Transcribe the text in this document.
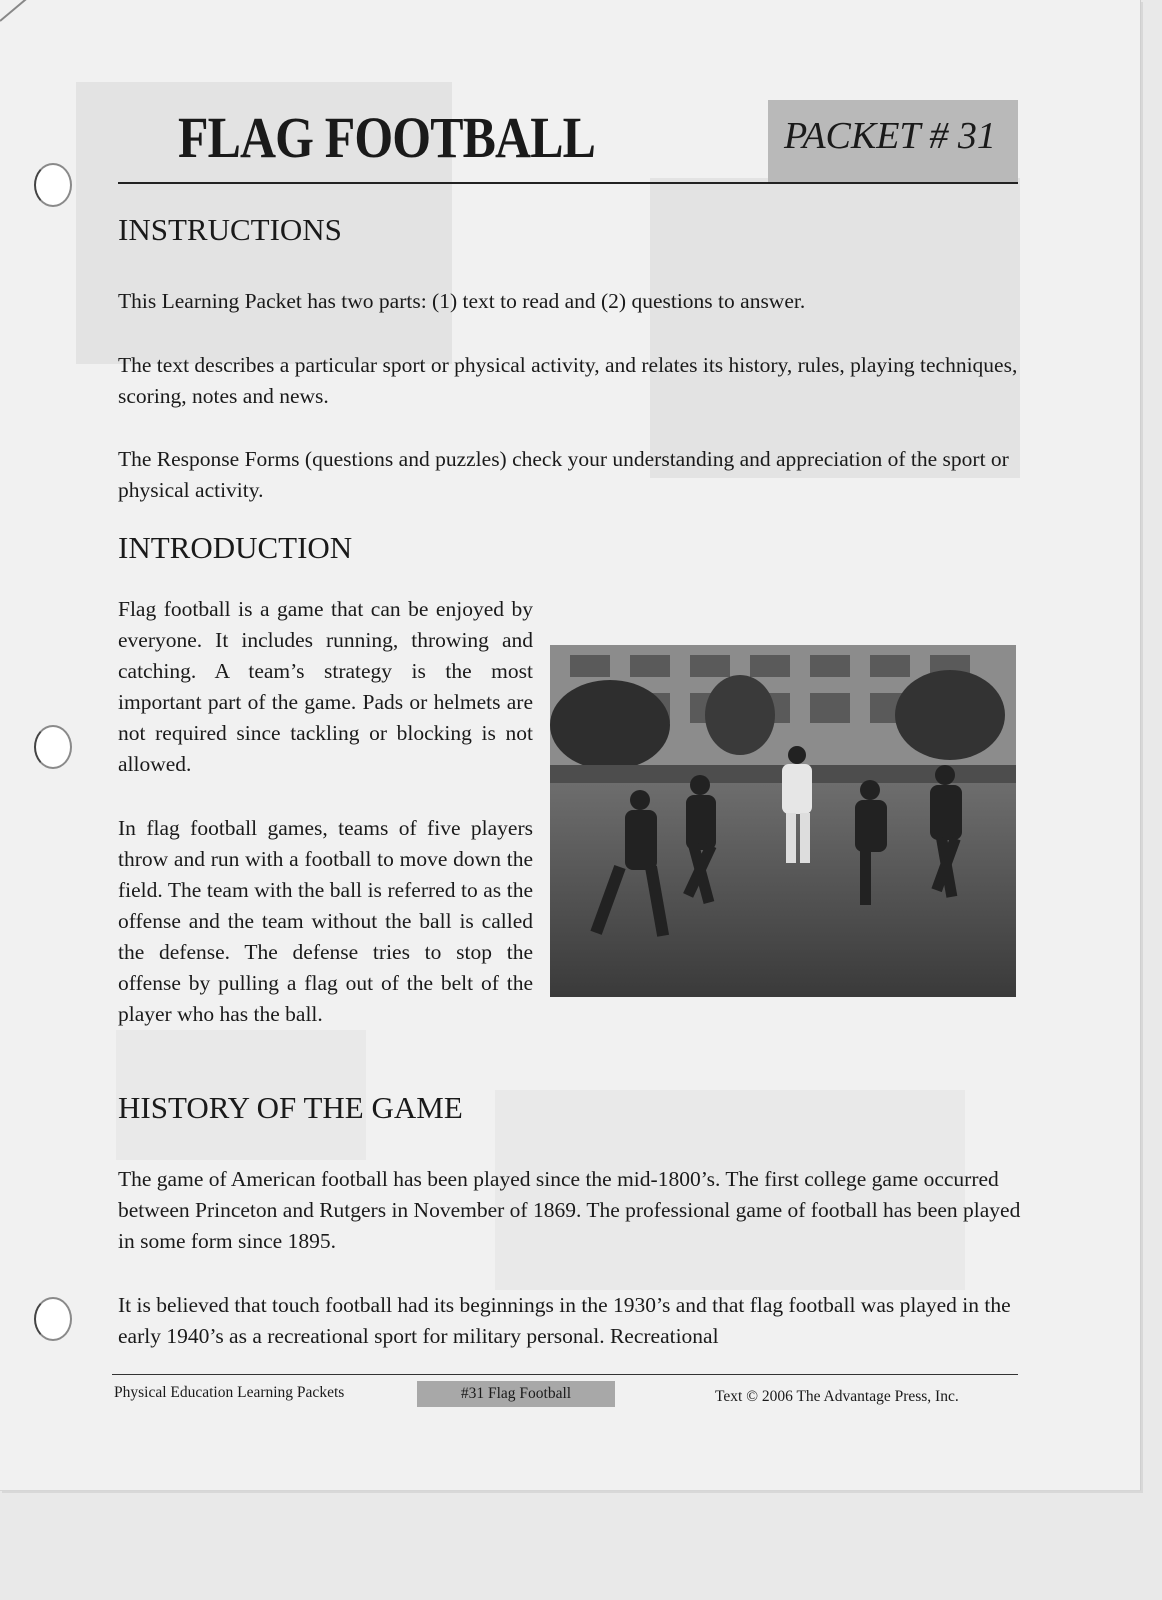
FLAG FOOTBALL	PACKET # 31
INSTRUCTIONS

This Learning Packet has two parts: (1) text to read and (2) questions to answer.

The text describes a particular sport or physical activity, and relates its history, rules, playing techniques, scoring, notes and news.

The Response Forms (questions and puzzles) check your understanding and appreciation of the sport or physical activity.

INTRODUCTION

Flag football is a game that can be enjoyed by everyone. It includes running, throwing and catching. A team’s strategy is the most important part of the game. Pads or helmets are not required since tackling or blocking is not allowed.

In flag football games, teams of five players throw and run with a football to move down the field. The team with the ball is referred to as the offense and the team without the ball is called the defense. The defense tries to stop the offense by pulling a flag out of the belt of the player who has the ball.

HISTORY OF THE GAME

The game of American football has been played since the mid-1800’s. The first college game occurred between Princeton and Rutgers in November of 1869. The professional game of football has been played in some form since 1895.

It is believed that touch football had its beginnings in the 1930’s and that flag football was played in the early 1940’s as a recreational sport for military personal. Recreational

Physical Education Learning Packets	#31 Flag Football	Text © 2006 The Advantage Press, Inc.
